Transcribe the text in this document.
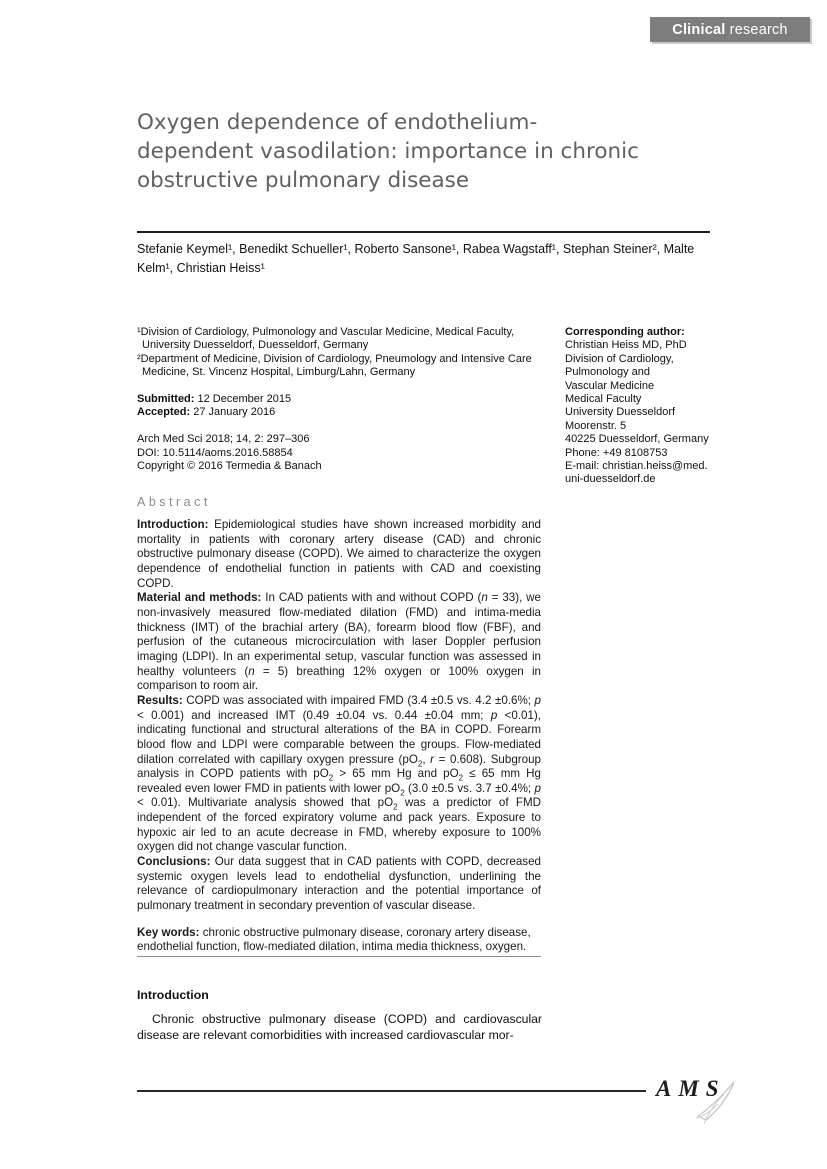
Clinical research
Oxygen dependence of endothelium-dependent vasodilation: importance in chronic obstructive pulmonary disease
Stefanie Keymel¹, Benedikt Schueller¹, Roberto Sansone¹, Rabea Wagstaff¹, Stephan Steiner², Malte Kelm¹, Christian Heiss¹
¹Division of Cardiology, Pulmonology and Vascular Medicine, Medical Faculty, University Duesseldorf, Duesseldorf, Germany
²Department of Medicine, Division of Cardiology, Pneumology and Intensive Care Medicine, St. Vincenz Hospital, Limburg/Lahn, Germany
Submitted: 12 December 2015
Accepted: 27 January 2016
Arch Med Sci 2018; 14, 2: 297–306
DOI: 10.5114/aoms.2016.58854
Copyright © 2016 Termedia & Banach
Corresponding author:
Christian Heiss MD, PhD
Division of Cardiology,
Pulmonology and
Vascular Medicine
Medical Faculty
University Duesseldorf
Moorenstr. 5
40225 Duesseldorf, Germany
Phone: +49 8108753
E-mail: christian.heiss@med.
uni-duesseldorf.de
Abstract

Introduction: Epidemiological studies have shown increased morbidity and mortality in patients with coronary artery disease (CAD) and chronic obstructive pulmonary disease (COPD). We aimed to characterize the oxygen dependence of endothelial function in patients with CAD and coexisting COPD.

Material and methods: In CAD patients with and without COPD (n = 33), we non-invasively measured flow-mediated dilation (FMD) and intima-media thickness (IMT) of the brachial artery (BA), forearm blood flow (FBF), and perfusion of the cutaneous microcirculation with laser Doppler perfusion imaging (LDPI). In an experimental setup, vascular function was assessed in healthy volunteers (n = 5) breathing 12% oxygen or 100% oxygen in comparison to room air.

Results: COPD was associated with impaired FMD (3.4 ±0.5 vs. 4.2 ±0.6%; p < 0.001) and increased IMT (0.49 ±0.04 vs. 0.44 ±0.04 mm; p <0.01), indicating functional and structural alterations of the BA in COPD. Forearm blood flow and LDPI were comparable between the groups. Flow-mediated dilation correlated with capillary oxygen pressure ($pO_2$, r = 0.608). Subgroup analysis in COPD patients with $pO_2 > 65$ mm Hg and $pO_2 \le 65$ mm Hg revealed even lower FMD in patients with lower $pO_2$ (3.0 ±0.5 vs. 3.7 ±0.4%; p < 0.01). Multivariate analysis showed that $pO_2$ was a predictor of FMD independent of the forced expiratory volume and pack years. Exposure to hypoxic air led to an acute decrease in FMD, whereby exposure to 100% oxygen did not change vascular function.

Conclusions: Our data suggest that in CAD patients with COPD, decreased systemic oxygen levels lead to endothelial dysfunction, underlining the relevance of cardiopulmonary interaction and the potential importance of pulmonary treatment in secondary prevention of vascular disease.

Key words: chronic obstructive pulmonary disease, coronary artery disease, endothelial function, flow-mediated dilation, intima media thickness, oxygen.

Introduction
Chronic obstructive pulmonary disease (COPD) and cardiovascular disease are relevant comorbidities with increased cardiovascular mor-
AMS
